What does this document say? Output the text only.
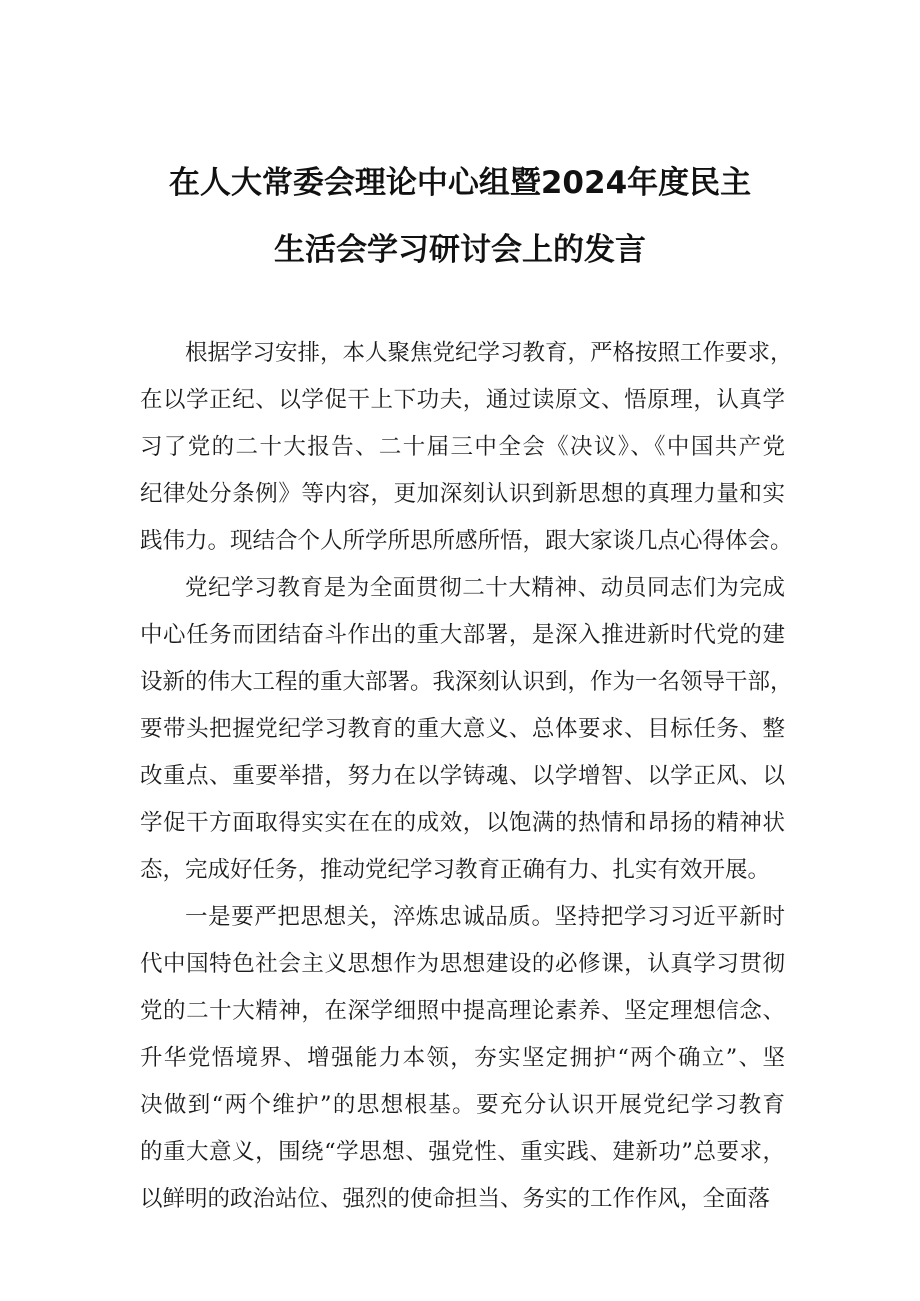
在人大常委会理论中心组暨2024年度民主
生活会学习研讨会上的发言
根据学习安排，本人聚焦党纪学习教育，严格按照工作要求，
在以学正纪、以学促干上下功夫，通过读原文、悟原理，认真学
习了党的二十大报告、二十届三中全会《决议》、《中国共产党
纪律处分条例》等内容，更加深刻认识到新思想的真理力量和实
践伟力。现结合个人所学所思所感所悟，跟大家谈几点心得体会。
党纪学习教育是为全面贯彻二十大精神、动员同志们为完成
中心任务而团结奋斗作出的重大部署，是深入推进新时代党的建
设新的伟大工程的重大部署。我深刻认识到，作为一名领导干部，
要带头把握党纪学习教育的重大意义、总体要求、目标任务、整
改重点、重要举措，努力在以学铸魂、以学增智、以学正风、以
学促干方面取得实实在在的成效，以饱满的热情和昂扬的精神状
态，完成好任务，推动党纪学习教育正确有力、扎实有效开展。
一是要严把思想关，淬炼忠诚品质。坚持把学习习近平新时
代中国特色社会主义思想作为思想建设的必修课，认真学习贯彻
党的二十大精神，在深学细照中提高理论素养、坚定理想信念、
升华党悟境界、增强能力本领，夯实坚定拥护“两个确立”、坚
决做到“两个维护”的思想根基。要充分认识开展党纪学习教育
的重大意义，围绕“学思想、强党性、重实践、建新功”总要求，
以鲜明的政治站位、强烈的使命担当、务实的工作作风，全面落
